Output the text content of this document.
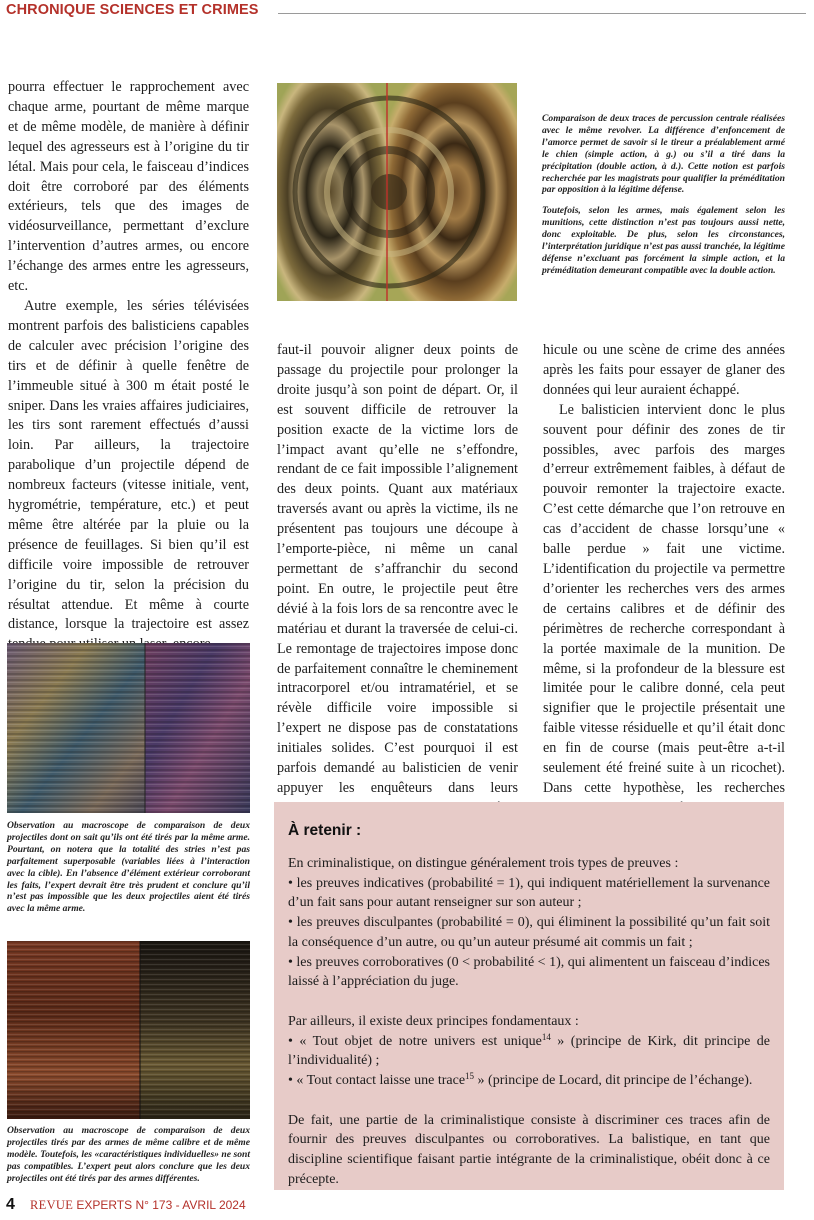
CHRONIQUE SCIENCES ET CRIMES

Comparaison de deux traces de percussion centrale réalisées avec le même revolver. La différence d’enfoncement de l’amorce permet de savoir si le tireur a préalablement armé le chien (simple action, à g.) ou s’il a tiré dans la précipitation (double action, à d.). Cette notion est parfois recherchée par les magistrats pour qualifier la préméditation par opposition à la légitime défense.

Toutefois, selon les armes, mais également selon les munitions, cette distinction n’est pas toujours aussi nette, donc exploitable. De plus, selon les circonstances, l’interprétation juridique n’est pas aussi tranchée, la légitime défense n’excluant pas forcément la simple action, et la préméditation demeurant compatible avec la double action.

pourra effectuer le rapprochement avec chaque arme, pourtant de même marque et de même modèle, de manière à définir lequel des agresseurs est à l’origine du tir létal. Mais pour cela, le faisceau d’indices doit être corroboré par des éléments extérieurs, tels que des images de vidéosurveillance, permettant d’exclure l’intervention d’autres armes, ou encore l’échange des armes entre les agresseurs, etc.

Autre exemple, les séries télévisées montrent parfois des balisticiens capables de calculer avec précision l’origine des tirs et de définir à quelle fenêtre de l’immeuble situé à 300 m était posté le sniper. Dans les vraies affaires judiciaires, les tirs sont rarement effectués d’aussi loin. Par ailleurs, la trajectoire parabolique d’un projectile dépend de nombreux facteurs (vitesse initiale, vent, hygrométrie, température, etc.) et peut même être altérée par la pluie ou la présence de feuillages. Si bien qu’il est difficile voire impossible de retrouver l’origine du tir, selon la précision du résultat attendue. Et même à courte distance, lorsque la trajectoire est assez

faut-il pouvoir aligner deux points de passage du projectile pour prolonger la droite jusqu’à son point de départ. Or, il est souvent difficile de retrouver la position exacte de la victime lors de l’impact avant qu’elle ne s’effondre, rendant de ce fait impossible l’alignement des deux points. Quant aux matériaux traversés avant ou après la victime, ils ne présentent pas toujours une découpe à l’emporte-pièce, ni même un canal permettant de s’affranchir du second point. En outre, le projectile peut être dévié à la fois lors de sa rencontre avec le matériau et durant la traversée de celui-ci. Le remontage de trajectoires impose donc de parfaitement connaître le cheminement intracorporel et/ou intramatériel, et se révèle difficile voire impossible si l’expert ne dispose pas de constatations initiales solides. C’est pourquoi il est parfois demandé au balisticien de venir appuyer les enquêteurs dans leurs

hicule ou une scène de crime des années après les faits pour essayer de glaner des données qui leur auraient échappé.

Le balisticien intervient donc le plus souvent pour définir des zones de tir possibles, avec parfois des marges d’erreur extrêmement faibles, à défaut de pouvoir remonter la trajectoire exacte. C’est cette démarche que l’on retrouve en cas d’accident de chasse lorsqu’une « balle perdue » fait une victime. L’identification du projectile va permettre d’orienter les recherches vers des armes de certains calibres et de définir des périmètres de recherche correspondant à la portée maximale de la munition. De même, si la profondeur de la blessure est limitée pour le calibre donné, cela peut signifier que le projectile présentait une faible vitesse résiduelle et qu’il était donc en fin de course (mais peut-être a-t-il seulement été freiné suite à un ricochet). Dans cette hypothèse, les recherches

Observation au macroscope de comparaison de deux projectiles dont on sait qu’ils ont été tirés par la même arme. Pourtant, on notera que la totalité des stries n’est pas parfaitement superposable (variables liées à l’interaction avec la cible). En l’absence d’élément extérieur corroborant les faits, l’expert devrait être très prudent et conclure qu’il n’est pas impossible que les deux projectiles aient été tirés avec la même arme.

Observation au macroscope de comparaison de deux projectiles tirés par des armes de même calibre et de même modèle. Toutefois, les «caractéristiques individuelles» ne sont pas compatibles. L’expert peut alors conclure que les deux projectiles ont été tirés par des armes différentes.

À retenir :

En criminalistique, on distingue généralement trois types de preuves :

• les preuves indicatives (probabilité = 1), qui indiquent matériellement la survenance d’un fait sans pour autant renseigner sur son auteur ;

• les preuves disculpantes (probabilité = 0), qui éliminent la possibilité qu’un fait soit la conséquence d’un autre, ou qu’un auteur présumé ait commis un fait ;

• les preuves corroboratives (0 < probabilité < 1), qui alimentent un faisceau d’indices laissé à l’appréciation du juge.

Par ailleurs, il existe deux principes fondamentaux :

• « Tout objet de notre univers est unique$^{14}$ » (principe de Kirk, dit principe de l’individualité) ;

• « Tout contact laisse une trace$^{15}$ » (principe de Locard, dit principe de l’échange).

De fait, une partie de la criminalistique consiste à discriminer ces traces afin de fournir des preuves disculpantes ou corroboratives. La balistique, en tant que discipline scientifique faisant partie intégrante de la criminalistique, obéit donc à ce précepte.

4 REVUE EXPERTS N° 173 - AVRIL 2024
